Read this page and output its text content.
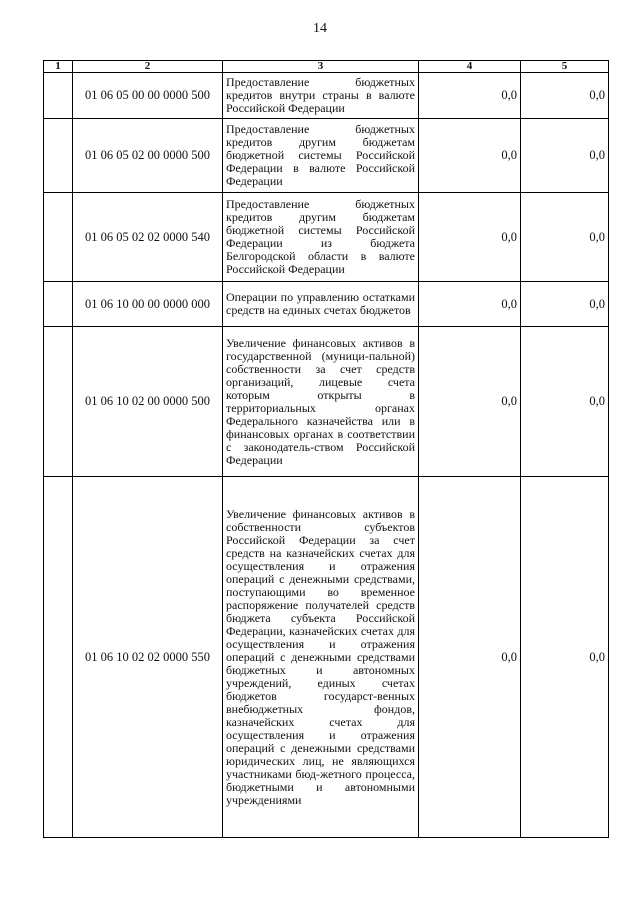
14
1	2	3	4	5
	01 06 05 00 00 0000 500	Предоставление бюджетных кредитов внутри страны в валюте Российской Федерации	0,0	0,0
	01 06 05 02 00 0000 500	Предоставление бюджетных кредитов другим бюджетам бюджетной системы Российской Федерации в валюте Российской Федерации	0,0	0,0
	01 06 05 02 02 0000 540	Предоставление бюджетных кредитов другим бюджетам бюджетной системы Российской Федерации из бюджета Белгородской области в валюте Российской Федерации	0,0	0,0
	01 06 10 00 00 0000 000	Операции по управлению остатками средств на единых счетах бюджетов	0,0	0,0
	01 06 10 02 00 0000 500	Увеличение финансовых активов в государственной (муници-пальной) собственности за счет средств организаций, лицевые счета которым открыты в территориальных органах Федерального казначейства или в финансовых органах в соответствии с законодатель-ством Российской Федерации	0,0	0,0
	01 06 10 02 02 0000 550	Увеличение финансовых активов в собственности субъектов Российской Федерации за счет средств на казначейских счетах для осуществления и отражения операций с денежными средствами, поступающими во временное распоряжение получателей средств бюджета субъекта Российской Федерации, казначейских счетах для осуществления и отражения операций с денежными средствами бюджетных и автономных учреждений, единых счетах бюджетов государст-венных внебюджетных фондов, казначейских счетах для осуществления и отражения операций с денежными средствами юридических лиц, не являющихся участниками бюд-жетного процесса, бюджетными и автономными учреждениями	0,0	0,0
